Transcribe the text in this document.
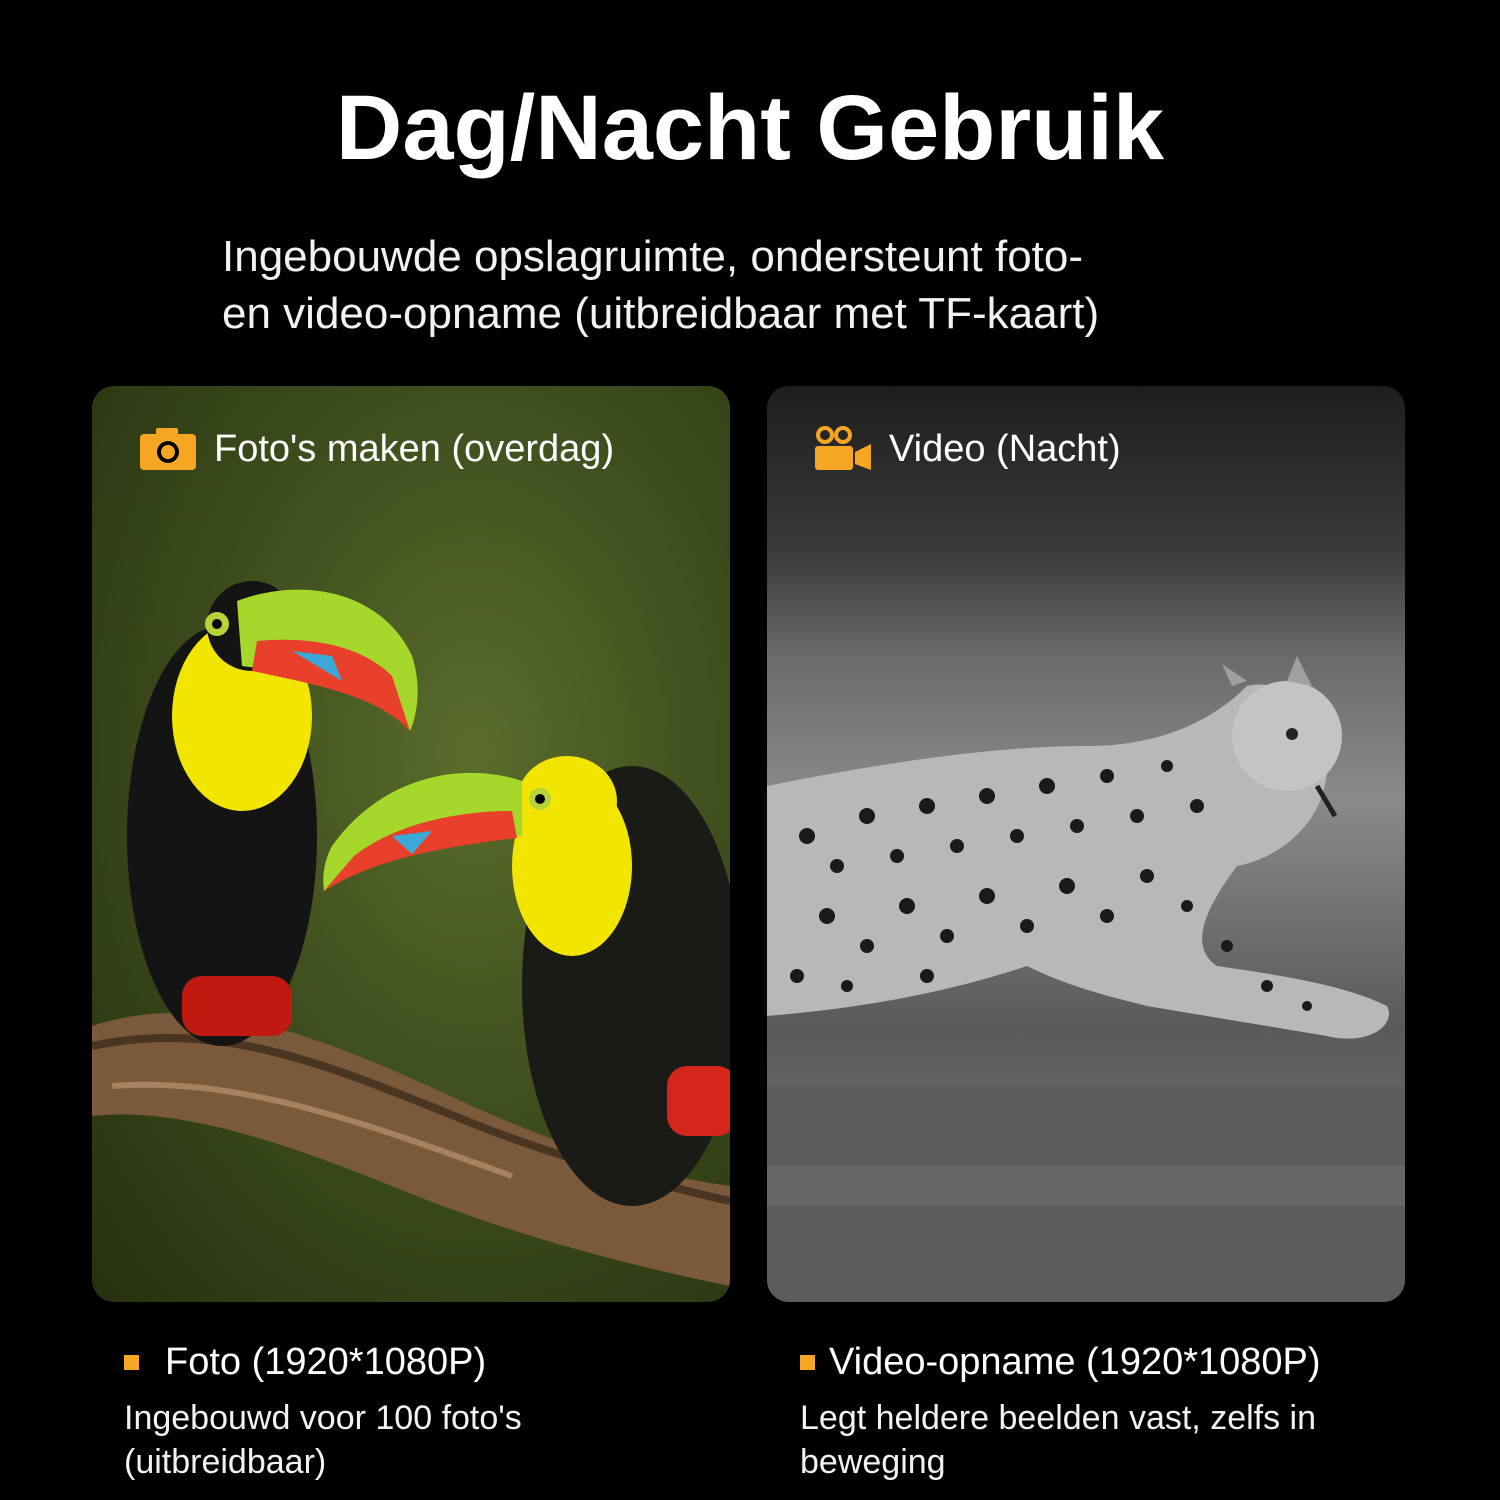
Dag/Nacht Gebruik
Ingebouwde opslagruimte, ondersteunt foto-
en video-opname (uitbreidbaar met TF-kaart)
Foto's maken (overdag)	Video (Nacht)
Foto (1920*1080P)
Ingebouwd voor 100 foto's (uitbreidbaar)
Video-opname (1920*1080P)
Legt heldere beelden vast, zelfs in beweging
